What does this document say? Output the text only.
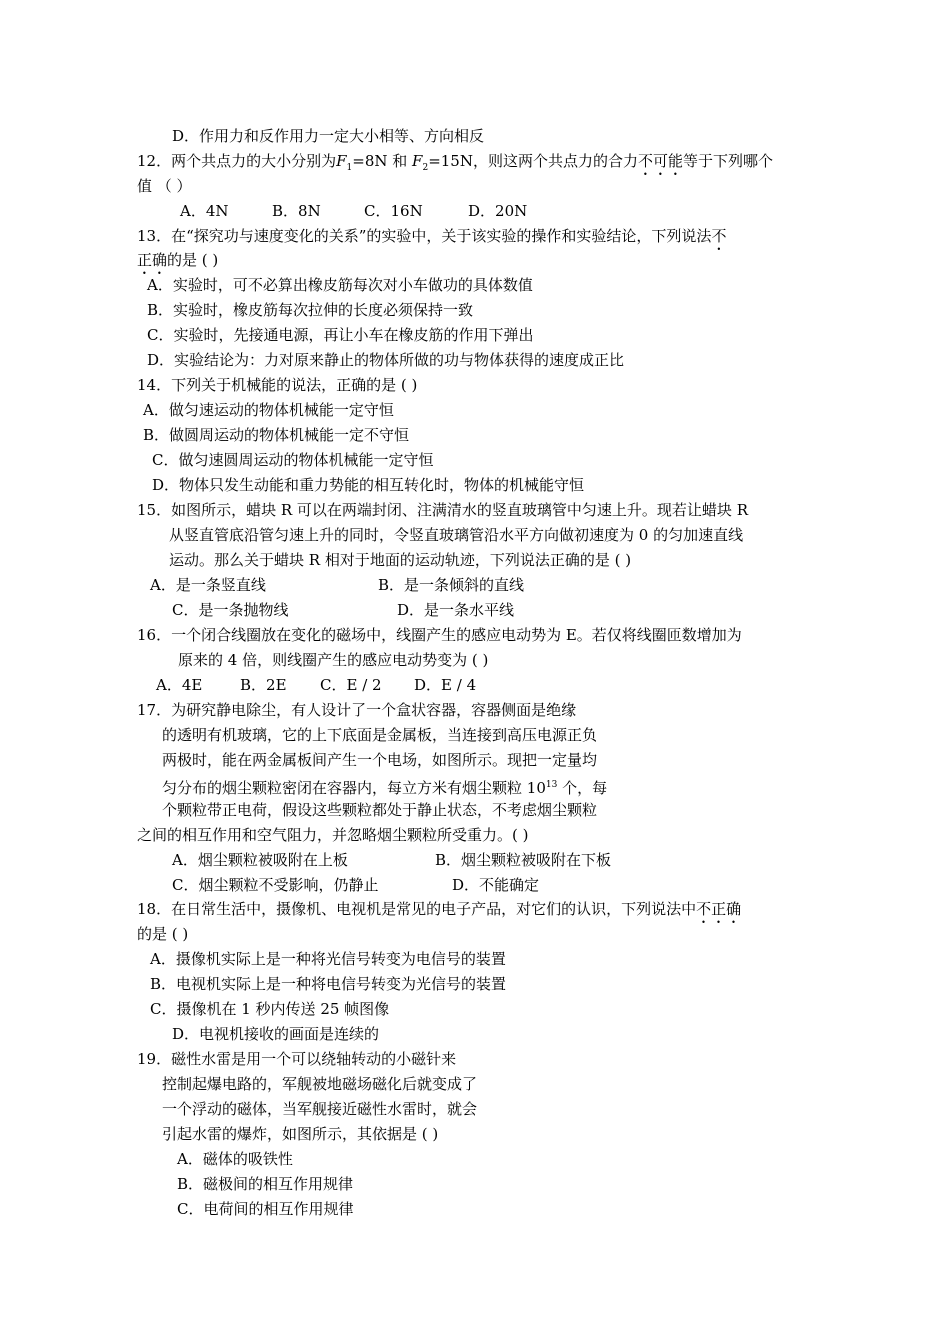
D．作用力和反作用力一定大小相等、方向相反
12．两个共点力的大小分别为$F_1=8N$ 和 $F_2=15N$，则这两个共点力的合力不可能等于下列哪个
值 （ ）
A．4N	B．8N	C．16N	D．20N
13．在“探究功与速度变化的关系”的实验中，关于该实验的操作和实验结论，下列说法不
正确的是 ( )
A．实验时，可不必算出橡皮筋每次对小车做功的具体数值
B．实验时，橡皮筋每次拉伸的长度必须保持一致
C．实验时，先接通电源，再让小车在橡皮筋的作用下弹出
D．实验结论为：力对原来静止的物体所做的功与物体获得的速度成正比
14．下列关于机械能的说法，正确的是 ( )
A．做匀速运动的物体机械能一定守恒
B．做圆周运动的物体机械能一定不守恒
C．做匀速圆周运动的物体机械能一定守恒
D．物体只发生动能和重力势能的相互转化时，物体的机械能守恒
15．如图所示，蜡块 R 可以在两端封闭、注满清水的竖直玻璃管中匀速上升。现若让蜡块 R
从竖直管底沿管匀速上升的同时，令竖直玻璃管沿水平方向做初速度为 0 的匀加速直线
运动。那么关于蜡块 R 相对于地面的运动轨迹，下列说法正确的是 ( )
A．是一条竖直线	B．是一条倾斜的直线
C．是一条抛物线	D．是一条水平线
16．一个闭合线圈放在变化的磁场中，线圈产生的感应电动势为 E。若仅将线圈匝数增加为
原来的 4 倍，则线圈产生的感应电动势变为 ( )
A．4E	B．2E C．E / 2 D．E / 4
17．为研究静电除尘，有人设计了一个盒状容器，容器侧面是绝缘
的透明有机玻璃，它的上下底面是金属板，当连接到高压电源正负
两极时，能在两金属板间产生一个电场，如图所示。现把一定量均
匀分布的烟尘颗粒密闭在容器内，每立方米有烟尘颗粒 $10^{13}$ 个，每
个颗粒带正电荷，假设这些颗粒都处于静止状态，不考虑烟尘颗粒
之间的相互作用和空气阻力，并忽略烟尘颗粒所受重力。( )
A．烟尘颗粒被吸附在上板	B．烟尘颗粒被吸附在下板
C．烟尘颗粒不受影响，仍静止	D．不能确定
18．在日常生活中，摄像机、电视机是常见的电子产品，对它们的认识，下列说法中不正确
的是 ( )
A．摄像机实际上是一种将光信号转变为电信号的装置
B．电视机实际上是一种将电信号转变为光信号的装置
C．摄像机在 1 秒内传送 25 帧图像
D．电视机接收的画面是连续的
19．磁性水雷是用一个可以绕轴转动的小磁针来
控制起爆电路的，军舰被地磁场磁化后就变成了
一个浮动的磁体，当军舰接近磁性水雷时，就会
引起水雷的爆炸，如图所示，其依据是 ( )
A．磁体的吸铁性
B．磁极间的相互作用规律
C．电荷间的相互作用规律
